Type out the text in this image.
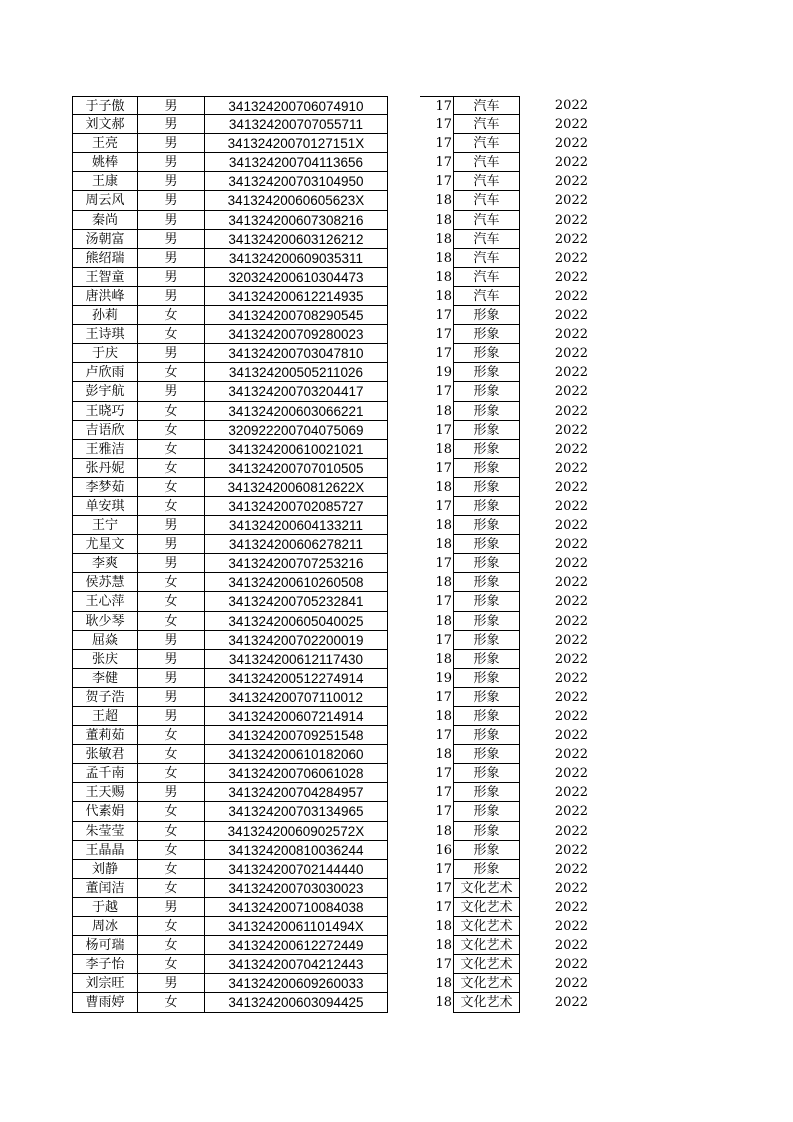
于子傲	男	341324200706074910	17	汽车	2022
刘文郝	男	341324200707055711	17	汽车	2022
王亮	男	34132420070127151X	17	汽车	2022
姚棒	男	341324200704113656	17	汽车	2022
王康	男	341324200703104950	17	汽车	2022
周云风	男	34132420060605623X	18	汽车	2022
秦尚	男	341324200607308216	18	汽车	2022
汤朝富	男	341324200603126212	18	汽车	2022
熊绍瑞	男	341324200609035311	18	汽车	2022
王智童	男	320324200610304473	18	汽车	2022
唐洪峰	男	341324200612214935	18	汽车	2022
孙莉	女	341324200708290545	17	形象	2022
王诗琪	女	341324200709280023	17	形象	2022
于庆	男	341324200703047810	17	形象	2022
卢欣雨	女	341324200505211026	19	形象	2022
彭宇航	男	341324200703204417	17	形象	2022
王晓巧	女	341324200603066221	18	形象	2022
吉语欣	女	320922200704075069	17	形象	2022
王雅洁	女	341324200610021021	18	形象	2022
张丹妮	女	341324200707010505	17	形象	2022
李梦茹	女	34132420060812622X	18	形象	2022
单安琪	女	341324200702085727	17	形象	2022
王宁	男	341324200604133211	18	形象	2022
尤星文	男	341324200606278211	18	形象	2022
李爽	男	341324200707253216	17	形象	2022
侯苏慧	女	341324200610260508	18	形象	2022
王心萍	女	341324200705232841	17	形象	2022
耿少琴	女	341324200605040025	18	形象	2022
屈焱	男	341324200702200019	17	形象	2022
张庆	男	341324200612117430	18	形象	2022
李健	男	341324200512274914	19	形象	2022
贺子浩	男	341324200707110012	17	形象	2022
王超	男	341324200607214914	18	形象	2022
董莉茹	女	341324200709251548	17	形象	2022
张敏君	女	341324200610182060	18	形象	2022
孟千南	女	341324200706061028	17	形象	2022
王天赐	男	341324200704284957	17	形象	2022
代素娟	女	341324200703134965	17	形象	2022
朱莹莹	女	34132420060902572X	18	形象	2022
王晶晶	女	341324200810036244	16	形象	2022
刘静	女	341324200702144440	17	形象	2022
董闰洁	女	341324200703030023	17 文化艺术	2022
于越	男	341324200710084038	17 文化艺术	2022
周冰	女	34132420061101494X	18 文化艺术	2022
杨可瑞	女	341324200612272449	18 文化艺术	2022
李子怡	女	341324200704212443	17 文化艺术	2022
刘宗旺	男	341324200609260033	18 文化艺术	2022
曹雨婷	女	341324200603094425	18 文化艺术	2022
